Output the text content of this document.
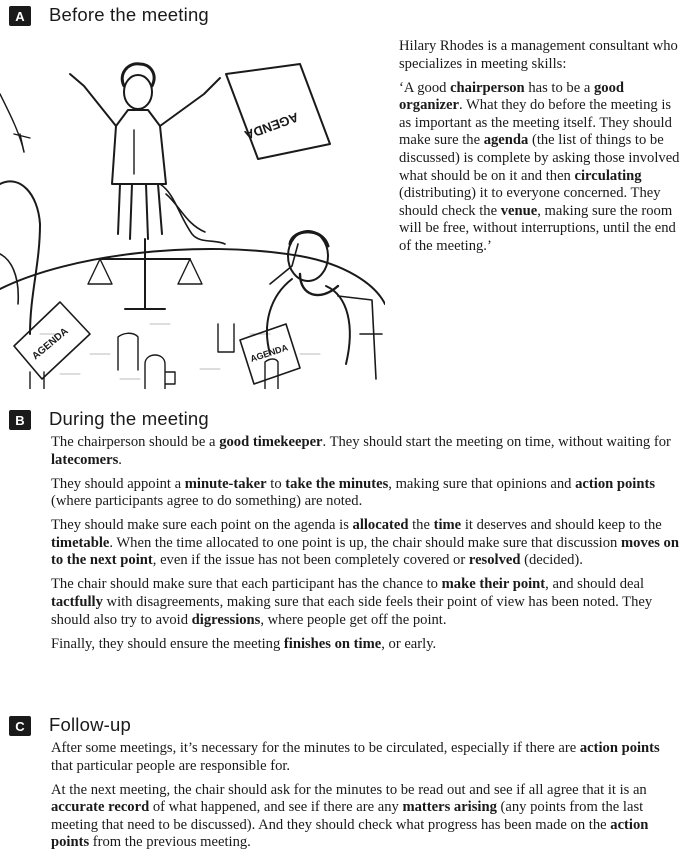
A Before the meeting
AGENDA
AGENDA	AGENDA

Hilary Rhodes is a management consultant who specializes in meeting skills:

‘A good chairperson has to be a good organizer. What they do before the meeting is as important as the meeting itself. They should make sure the agenda (the list of things to be discussed) is complete by asking those involved what should be on it and then circulating (distributing) it to everyone concerned. They should check the venue, making sure the room will be free, without interruptions, until the end of the meeting.’

B During the meeting

The chairperson should be a good timekeeper. They should start the meeting on time, without waiting for latecomers.

They should appoint a minute-taker to take the minutes, making sure that opinions and action points (where participants agree to do something) are noted.

They should make sure each point on the agenda is allocated the time it deserves and should keep to the timetable. When the time allocated to one point is up, the chair should make sure that discussion moves on to the next point, even if the issue has not been completely covered or resolved (decided).

The chair should make sure that each participant has the chance to make their point, and should deal tactfully with disagreements, making sure that each side feels their point of view has been noted. They should also try to avoid digressions, where people get off the point.

Finally, they should ensure the meeting finishes on time, or early.

C Follow-up

After some meetings, it’s necessary for the minutes to be circulated, especially if there are action points that particular people are responsible for.

At the next meeting, the chair should ask for the minutes to be read out and see if all agree that it is an accurate record of what happened, and see if there are any matters arising (any points from the last meeting that need to be discussed). And they should check what progress has been made on the action points from the previous meeting.
